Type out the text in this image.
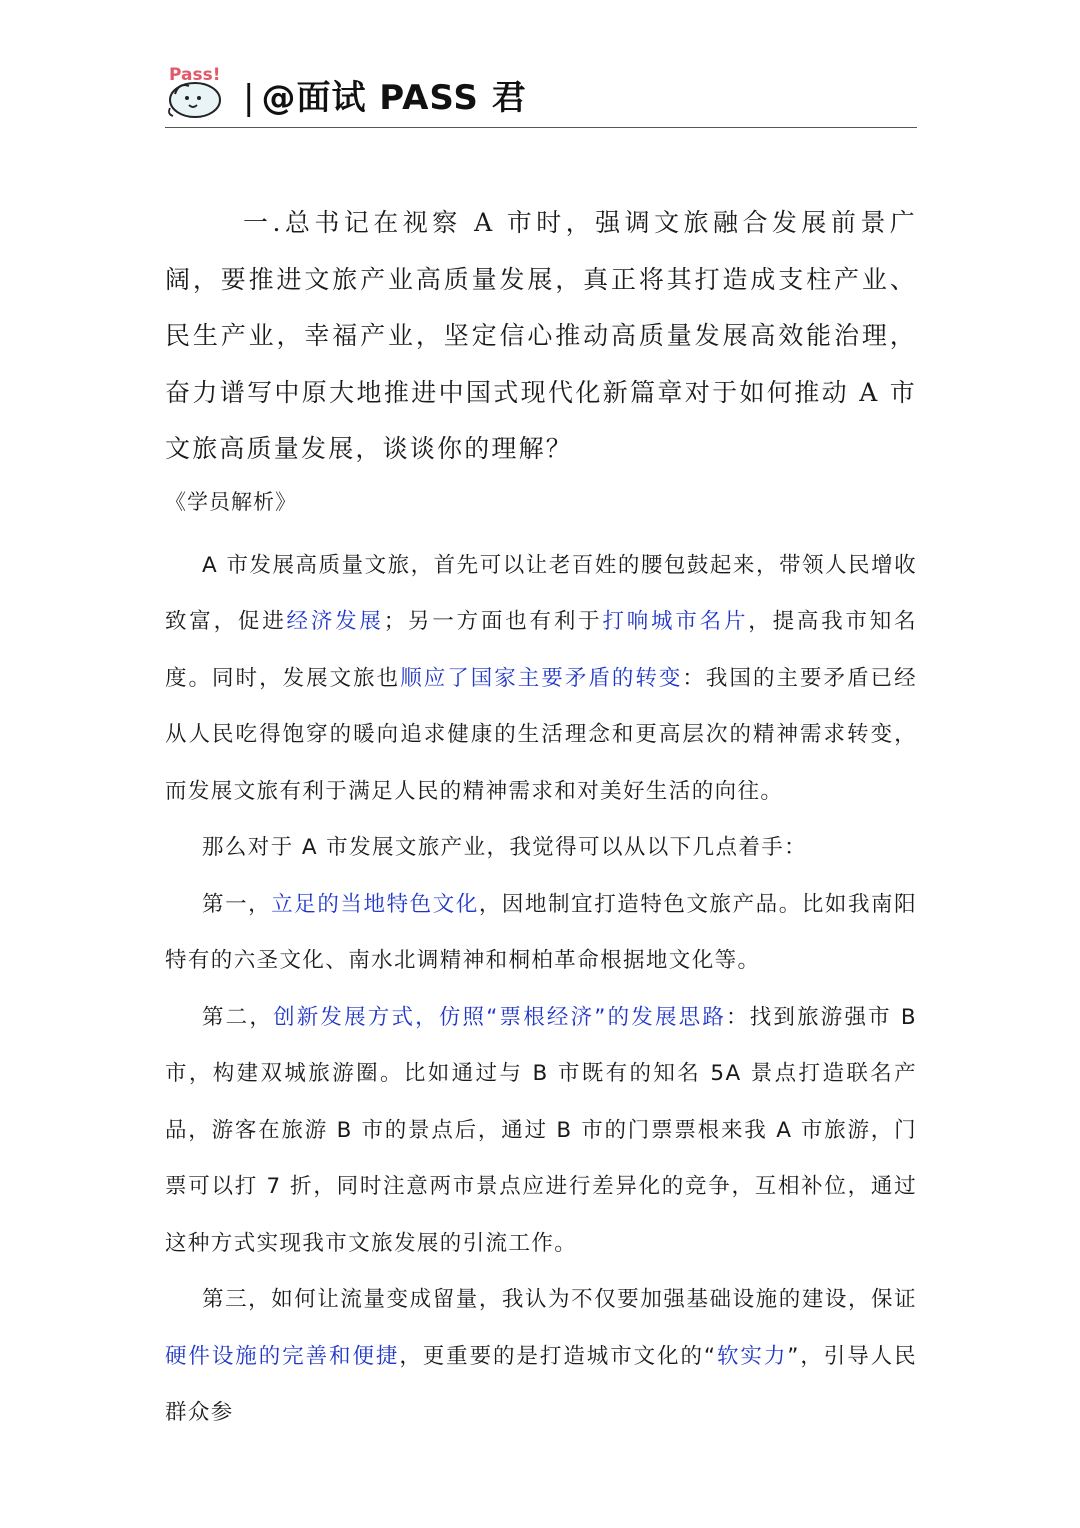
Pass!
| @面试 PASS 君

一.总书记在视察 A 市时，强调文旅融合发展前景广阔，要推进文旅产业高质量发展，真正将其打造成支柱产业、民生产业，幸福产业，坚定信心推动高质量发展高效能治理，奋力谱写中原大地推进中国式现代化新篇章对于如何推动 A 市文旅高质量发展，谈谈你的理解？

《学员解析》

A 市发展高质量文旅，首先可以让老百姓的腰包鼓起来，带领人民增收致富，促进经济发展；另一方面也有利于打响城市名片，提高我市知名度。同时，发展文旅也顺应了国家主要矛盾的转变：我国的主要矛盾已经从人民吃得饱穿的暖向追求健康的生活理念和更高层次的精神需求转变，而发展文旅有利于满足人民的精神需求和对美好生活的向往。

那么对于 A 市发展文旅产业，我觉得可以从以下几点着手：

第一，立足的当地特色文化，因地制宜打造特色文旅产品。比如我南阳特有的六圣文化、南水北调精神和桐柏革命根据地文化等。

第二，创新发展方式，仿照“票根经济”的发展思路：找到旅游强市 B 市，构建双城旅游圈。比如通过与 B 市既有的知名 5A 景点打造联名产品，游客在旅游 B 市的景点后，通过 B 市的门票票根来我 A 市旅游，门票可以打 7 折，同时注意两市景点应进行差异化的竞争，互相补位，通过这种方式实现我市文旅发展的引流工作。

第三，如何让流量变成留量，我认为不仅要加强基础设施的建设，保证硬件设施的完善和便捷，更重要的是打造城市文化的“软实力”，引导人民群众参
